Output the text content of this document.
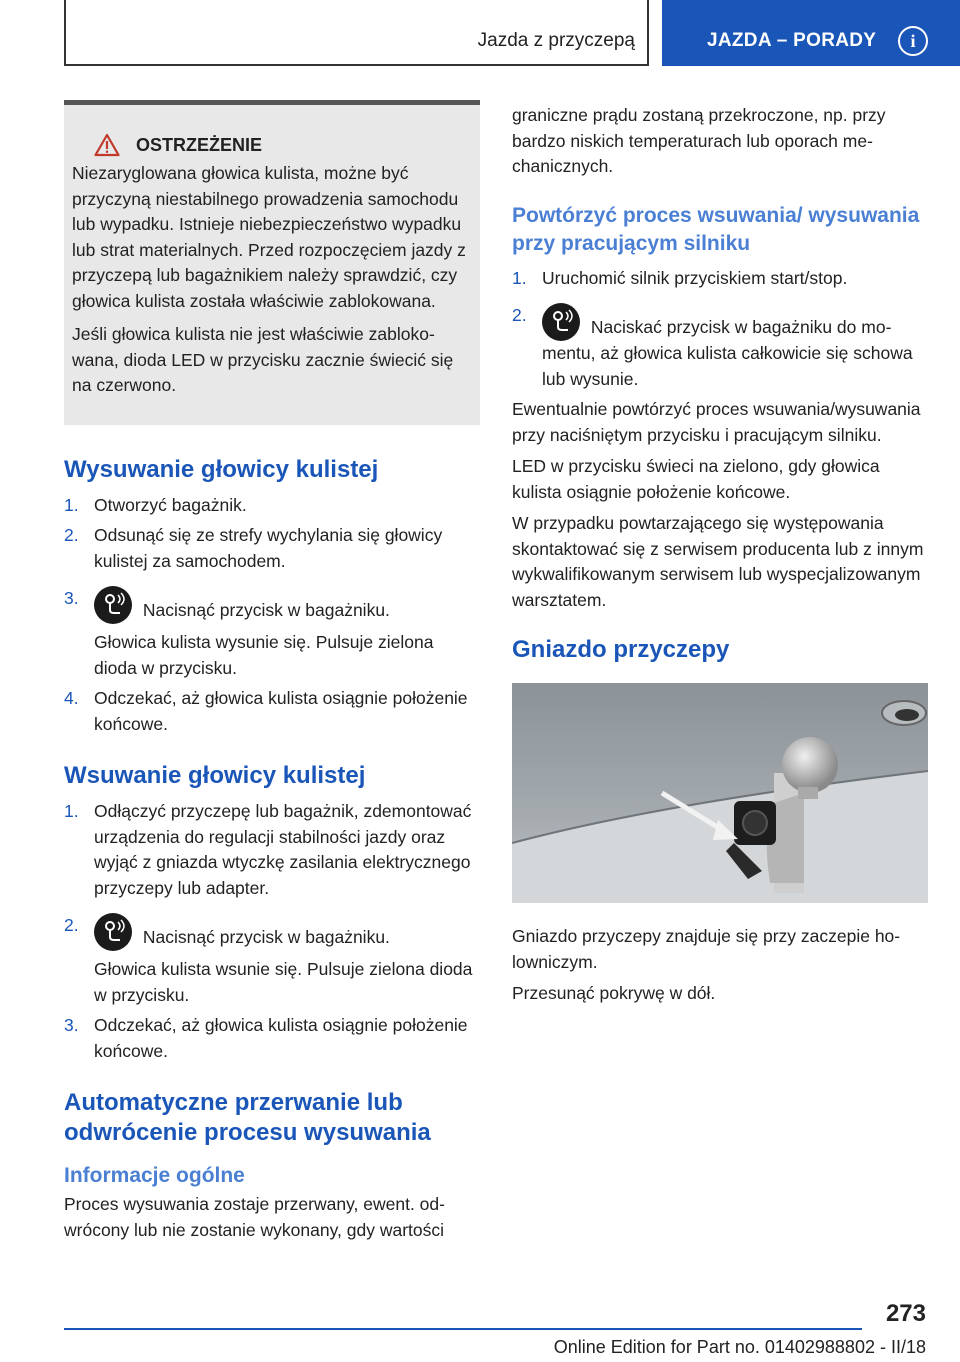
Jazda z przyczepą	JAZDA – PORADY	i
OSTRZEŻENIE

Niezaryglowana głowica kulista, możne być przyczyną niestabilnego prowadzenia samochodu lub wypadku. Istnieje niebezpieczeństwo wypadku lub strat materialnych. Przed rozpoczęciem jazdy z przyczepą lub bagażnikiem należy sprawdzić, czy głowica kulista została właściwie zablokowana.

Jeśli głowica kulista nie jest właściwie zablokowana, dioda LED w przycisku zacznie świecić się na czerwono.

Wysuwanie głowicy kulistej
1. Otworzyć bagażnik.
2. Odsunąć się ze strefy wychylania się głowicy kulistej za samochodem.
3.
Nacisnąć przycisk w bagażniku.
Głowica kulista wysunie się. Pulsuje zielona dioda w przycisku.
4. Odczekać, aż głowica kulista osiągnie położenie końcowe.
Wsuwanie głowicy kulistej
1. Odłączyć przyczepę lub bagażnik, zdemontować urządzenia do regulacji stabilności jazdy oraz wyjąć z gniazda wtyczkę zasilania elektrycznego przyczepy lub adapter.
2.
Nacisnąć przycisk w bagażniku.
Głowica kulista wsunie się. Pulsuje zielona dioda w przycisku.
3. Odczekać, aż głowica kulista osiągnie położenie końcowe.
Automatyczne przerwanie lub odwrócenie procesu wysuwania
Informacje ogólne

Proces wysuwania zostaje przerwany, ewent. odwrócony lub nie zostanie wykonany, gdy wartości

graniczne prądu zostaną przekroczone, np. przy bardzo niskich temperaturach lub oporach mechanicznych.

Powtórzyć proces wsuwania/ wysuwania przy pracującym silniku
1. Uruchomić silnik przyciskiem start/stop.
2.
Naciskać przycisk w bagażniku do momentu, aż głowica kulista całkowicie się schowa lub wysunie.

Ewentualnie powtórzyć proces wsuwania/wysuwania przy naciśniętym przycisku i pracującym silniku.

LED w przycisku świeci na zielono, gdy głowica kulista osiągnie położenie końcowe.

W przypadku powtarzającego się występowania skontaktować się z serwisem producenta lub z innym wykwalifikowanym serwisem lub wyspecjalizowanym warsztatem.

Gniazdo przyczepy

Gniazdo przyczepy znajduje się przy zaczepie holowniczym.

Przesunąć pokrywę w dół.

273
Online Edition for Part no. 01402988802 - II/18
